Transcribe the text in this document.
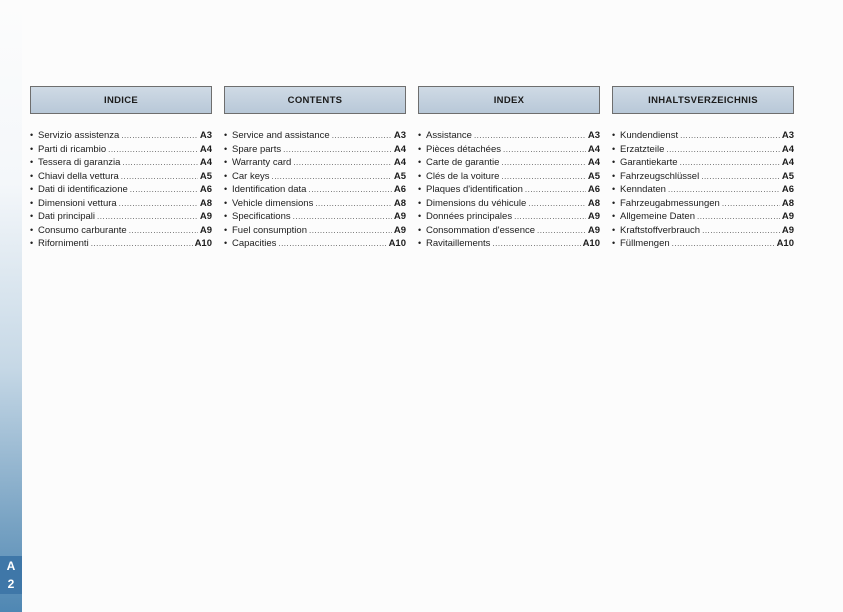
A
2
INDICE
• Servizio assistenza .....	A3
• Parti di ricambio .....	A4
• Tessera di garanzia .....	A4
• Chiavi della vettura .....	A5
• Dati di identificazione .....	A6
• Dimensioni vettura .....	A8
• Dati principali .....	A9
• Consumo carburante .....	A9
• Rifornimenti .....	A10
CONTENTS
• Service and assistance .....	A3
• Spare parts .....	A4
• Warranty card .....	A4
• Car keys .....	A5
• Identification data .....	A6
• Vehicle dimensions .....	A8
• Specifications .....	A9
• Fuel consumption .....	A9
• Capacities .....	A10
INDEX
• Assistance .....	A3
• Pièces détachées .....	A4
• Carte de garantie .....	A4
• Clés de la voiture .....	A5
• Plaques d'identification .....	A6
• Dimensions du véhicule .....	A8
• Données principales .....	A9
• Consommation d'essence .....	A9
• Ravitaillements .....	A10
INHALTSVERZEICHNIS
• Kundendienst .....	A3
• Erzatzteile .....	A4
• Garantiekarte .....	A4
• Fahrzeugschlüssel .....	A5
• Kenndaten .....	A6
• Fahrzeugabmessungen .....	A8
• Allgemeine Daten .....	A9
• Kraftstoffverbrauch .....	A9
• Füllmengen .....	A10
